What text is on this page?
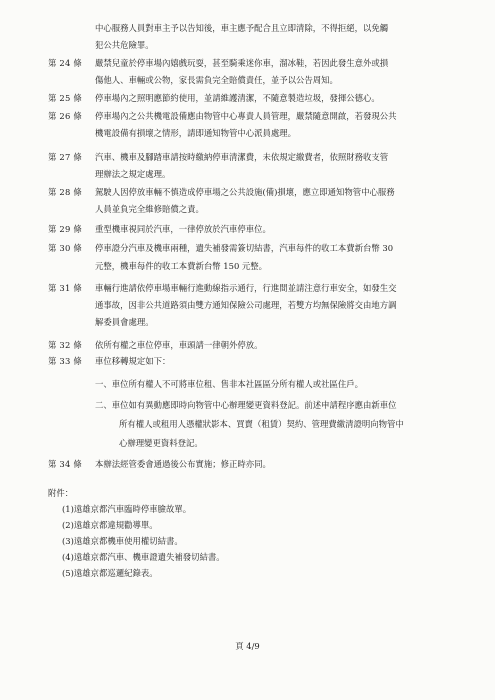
中心服務人員對車主予以告知後，車主應予配合且立即清除，不得拒絕，以免觸
犯公共危險罪。
第 24 條 嚴禁兒童於停車場內嬉戲玩耍，甚至騎乘迷你車，溜冰鞋，若因此發生意外或損
傷他人、車輛或公物，家長需負完全賠償責任，並予以公告周知。
第 25 條 停車場內之照明應節約使用，並請維護清潔，不隨意製造垃圾，發揮公德心。
第 26 條 停車場內之公共機電設備應由物管中心專責人員管理，嚴禁隨意開啟，若發現公共
機電設備有損壞之情形，請即通知物管中心派員處理。
第 27 條 汽車、機車及腳踏車請按時繳納停車清潔費，未依規定繳費者，依照財務收支管
理辦法之規定處理。
第 28 條 駕駛人因停放車輛不慎造成停車場之公共設施(備)損壞，應立即通知物管中心服務
人員並負完全維修賠償之責。
第 29 條 重型機車視同於汽車，一律停放於汽車停車位。
第 30 條 停車證分汽車及機車兩種，遺失補發需簽切結書，汽車每件的收工本費新台幣 30
元整，機車每件的收工本費新台幣 150 元整。
第 31 條 車輛行進請依停車場車輛行進動線指示通行，行進間並請注意行車安全，如發生交
通事故，因非公共道路須由雙方通知保險公司處理，若雙方均無保險將交由地方調
解委員會處理。
第 32 條 依所有權之車位停車，車頭請一律朝外停放。
第 33 條 車位移轉規定如下：
一、車位所有權人不可將車位租、售非本社區區分所有權人或社區住戶。
二、車位如有異動應即時向物管中心辦理變更資料登記。前述申請程序應由新車位
所有權人或租用人憑權狀影本、買賣（租賃）契約、管理費繳清證明向物管中
心辦理變更資料登記。
第 34 條 本辦法經管委會通過後公布實施；修正時亦同。
附件：
(1)遠雄京都汽車臨時停車臉故單。
(2)遠雄京都違規勸導單。
(3)遠雄京都機車使用權切結書。
(4)遠雄京都汽車、機車證遺失補發切結書。
(5)遠雄京都巡邏紀錄表。
頁 4/9
